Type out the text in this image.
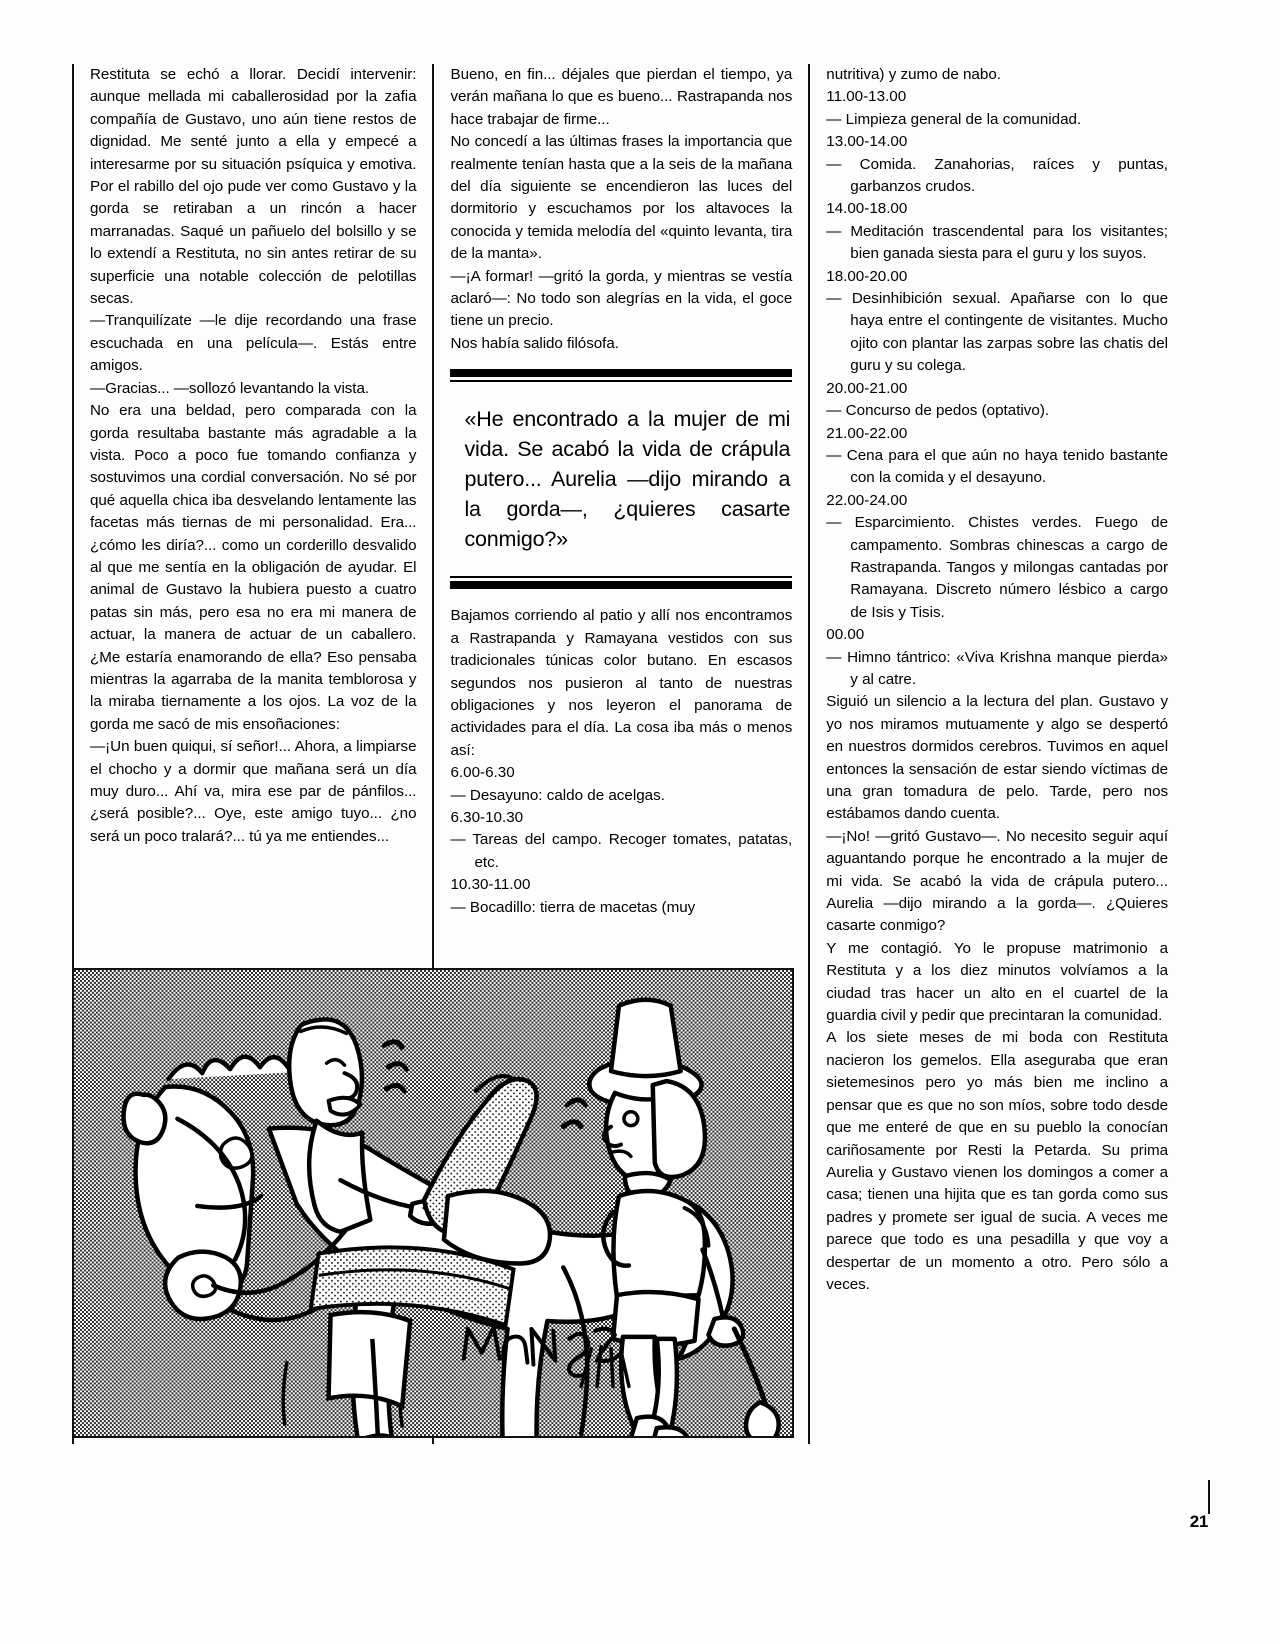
Restituta se echó a llorar. Decidí intervenir: aunque mellada mi caballerosidad por la zafia compañía de Gustavo, uno aún tiene restos de dignidad. Me senté junto a ella y empecé a interesarme por su situación psíquica y emotiva. Por el rabillo del ojo pude ver como Gustavo y la gorda se retiraban a un rincón a hacer marranadas. Saqué un pañuelo del bolsillo y se lo extendí a Restituta, no sin antes retirar de su superficie una notable colección de pelotillas secas.

—Tranquilízate —le dije recordando una frase escuchada en una película—. Estás entre amigos.

—Gracias... —sollozó levantando la vista.

No era una beldad, pero comparada con la gorda resultaba bastante más agradable a la vista. Poco a poco fue tomando confianza y sostuvimos una cordial conversación. No sé por qué aquella chica iba desvelando lentamente las facetas más tiernas de mi personalidad. Era... ¿cómo les diría?... como un corderillo desvalido al que me sentía en la obligación de ayudar. El animal de Gustavo la hubiera puesto a cuatro patas sin más, pero esa no era mi manera de actuar, la manera de actuar de un caballero. ¿Me estaría enamorando de ella? Eso pensaba mientras la agarraba de la manita temblorosa y la miraba tiernamente a los ojos. La voz de la gorda me sacó de mis ensoñaciones:

—¡Un buen quiqui, sí señor!... Ahora, a limpiarse el chocho y a dormir que mañana será un día muy duro... Ahí va, mira ese par de pánfilos... ¿será posible?... Oye, este amigo tuyo... ¿no será un poco tralará?... tú ya me entiendes...

Bueno, en fin... déjales que pierdan el tiempo, ya verán mañana lo que es bueno... Rastrapanda nos hace trabajar de firme...

No concedí a las últimas frases la importancia que realmente tenían hasta que a la seis de la mañana del día siguiente se encendieron las luces del dormitorio y escuchamos por los altavoces la conocida y temida melodía del «quinto levanta, tira de la manta».

—¡A formar! —gritó la gorda, y mientras se vestía aclaró—: No todo son alegrías en la vida, el goce tiene un precio.

Nos había salido filósofa.

«He encontrado a la mujer de mi vida. Se acabó la vida de crápula putero... Aurelia —dijo mirando a la gorda—, ¿quieres casarte conmigo?»

Bajamos corriendo al patio y allí nos encontramos a Rastrapanda y Ramayana vestidos con sus tradicionales túnicas color butano. En escasos segundos nos pusieron al tanto de nuestras obligaciones y nos leyeron el panorama de actividades para el día. La cosa iba más o menos así:

6.00-6.30
— Desayuno: caldo de acelgas.
6.30-10.30
— Tareas del campo. Recoger tomates, patatas, etc.
10.30-11.00
— Bocadillo: tierra de macetas (muy
nutritiva) y zumo de nabo.
11.00-13.00
— Limpieza general de la comunidad.
13.00-14.00
— Comida. Zanahorias, raíces y puntas, garbanzos crudos.
14.00-18.00
— Meditación trascendental para los visitantes; bien ganada siesta para el guru y los suyos.
18.00-20.00
— Desinhibición sexual. Apañarse con lo que haya entre el contingente de visitantes. Mucho ojito con plantar las zarpas sobre las chatis del guru y su colega.
20.00-21.00
— Concurso de pedos (optativo).
21.00-22.00
— Cena para el que aún no haya tenido bastante con la comida y el desayuno.
22.00-24.00
— Esparcimiento. Chistes verdes. Fuego de campamento. Sombras chinescas a cargo de Rastrapanda. Tangos y milongas cantadas por Ramayana. Discreto número lésbico a cargo de Isis y Tisis.
00.00
— Himno tántrico: «Viva Krishna manque pierda» y al catre.

Siguió un silencio a la lectura del plan. Gustavo y yo nos miramos mutuamente y algo se despertó en nuestros dormidos cerebros. Tuvimos en aquel entonces la sensación de estar siendo víctimas de una gran tomadura de pelo. Tarde, pero nos estábamos dando cuenta.

—¡No! —gritó Gustavo—. No necesito seguir aquí aguantando porque he encontrado a la mujer de mi vida. Se acabó la vida de crápula putero... Aurelia —dijo mirando a la gorda—. ¿Quieres casarte conmigo?

Y me contagió. Yo le propuse matrimonio a Restituta y a los diez minutos volvíamos a la ciudad tras hacer un alto en el cuartel de la guardia civil y pedir que precintaran la comunidad.

A los siete meses de mi boda con Restituta nacieron los gemelos. Ella aseguraba que eran sietemesinos pero yo más bien me inclino a pensar que es que no son míos, sobre todo desde que me enteré de que en su pueblo la conocían cariñosamente por Resti la Petarda. Su prima Aurelia y Gustavo vienen los domingos a comer a casa; tienen una hijita que es tan gorda como sus padres y promete ser igual de sucia. A veces me parece que todo es una pesadilla y que voy a despertar de un momento a otro. Pero sólo a veces.

21
